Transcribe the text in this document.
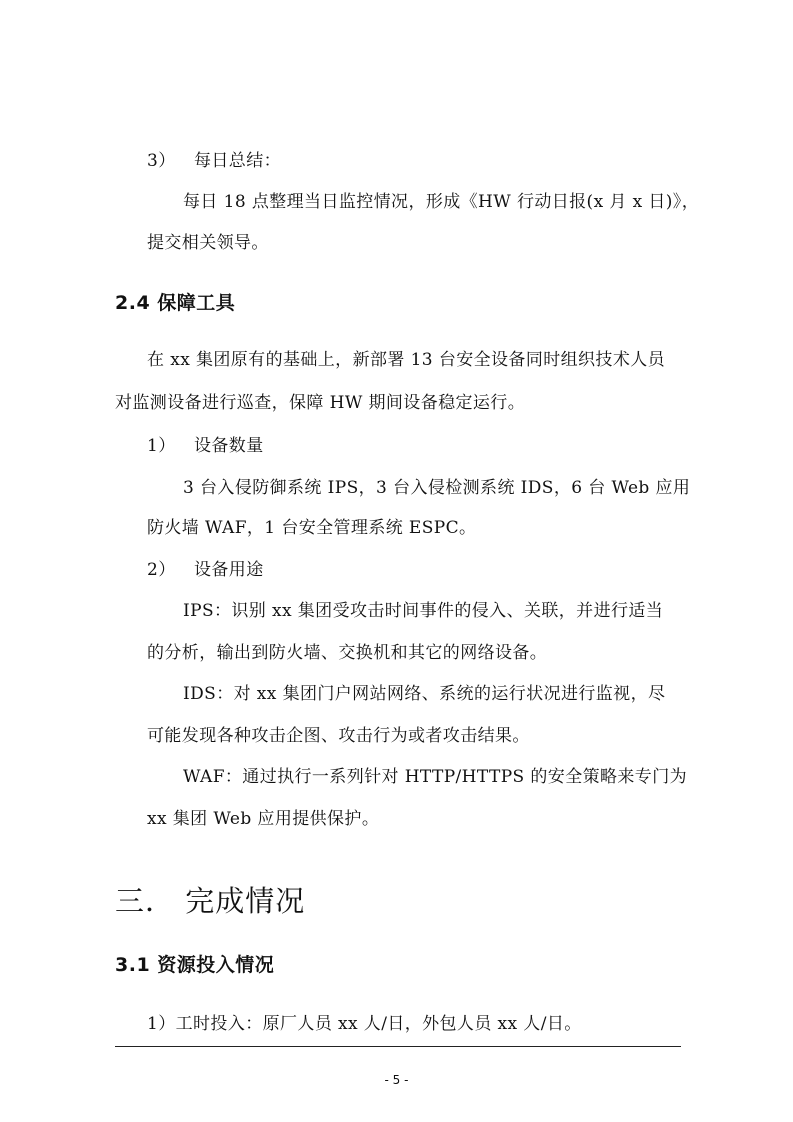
3） 每日总结：
每日 18 点整理当日监控情况，形成《HW 行动日报(x 月 x 日)》，
提交相关领导。
2.4 保障工具
在 xx 集团原有的基础上，新部署 13 台安全设备同时组织技术人员
对监测设备进行巡查，保障 HW 期间设备稳定运行。
1） 设备数量
3 台入侵防御系统 IPS，3 台入侵检测系统 IDS，6 台 Web 应用
防火墙 WAF，1 台安全管理系统 ESPC。
2） 设备用途
IPS：识别 xx 集团受攻击时间事件的侵入、关联，并进行适当
的分析，输出到防火墙、交换机和其它的网络设备。
IDS：对 xx 集团门户网站网络、系统的运行状况进行监视，尽
可能发现各种攻击企图、攻击行为或者攻击结果。
WAF：通过执行一系列针对 HTTP/HTTPS 的安全策略来专门为
xx 集团 Web 应用提供保护。
三． 完成情况
3.1 资源投入情况
1）工时投入：原厂人员 xx 人/日，外包人员 xx 人/日。
- 5 -
